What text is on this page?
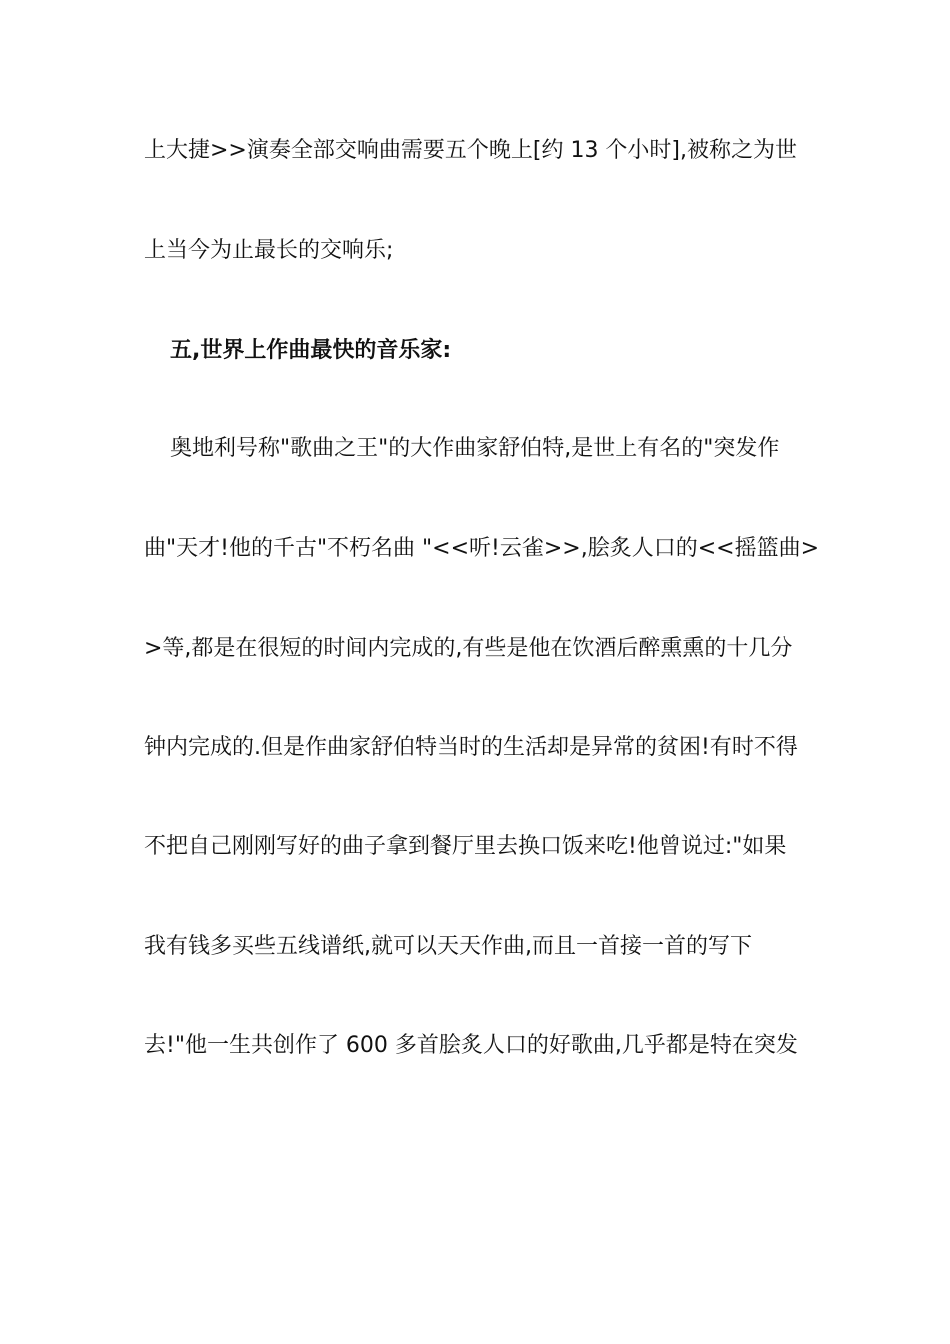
上大捷>>演奏全部交响曲需要五个晚上[约 13 个小时],被称之为世
上当今为止最长的交响乐;
五,世界上作曲最快的音乐家:
奥地利号称"歌曲之王"的大作曲家舒伯特,是世上有名的"突发作
曲"天才!他的千古"不朽名曲 "<<听!云雀>>,脍炙人口的<<摇篮曲>
>等,都是在很短的时间内完成的,有些是他在饮酒后醉熏熏的十几分
钟内完成的.但是作曲家舒伯特当时的生活却是异常的贫困!有时不得
不把自己刚刚写好的曲子拿到餐厅里去换口饭来吃!他曾说过:"如果
我有钱多买些五线谱纸,就可以天天作曲,而且一首接一首的写下
去!"他一生共创作了 600 多首脍炙人口的好歌曲,几乎都是特在突发
